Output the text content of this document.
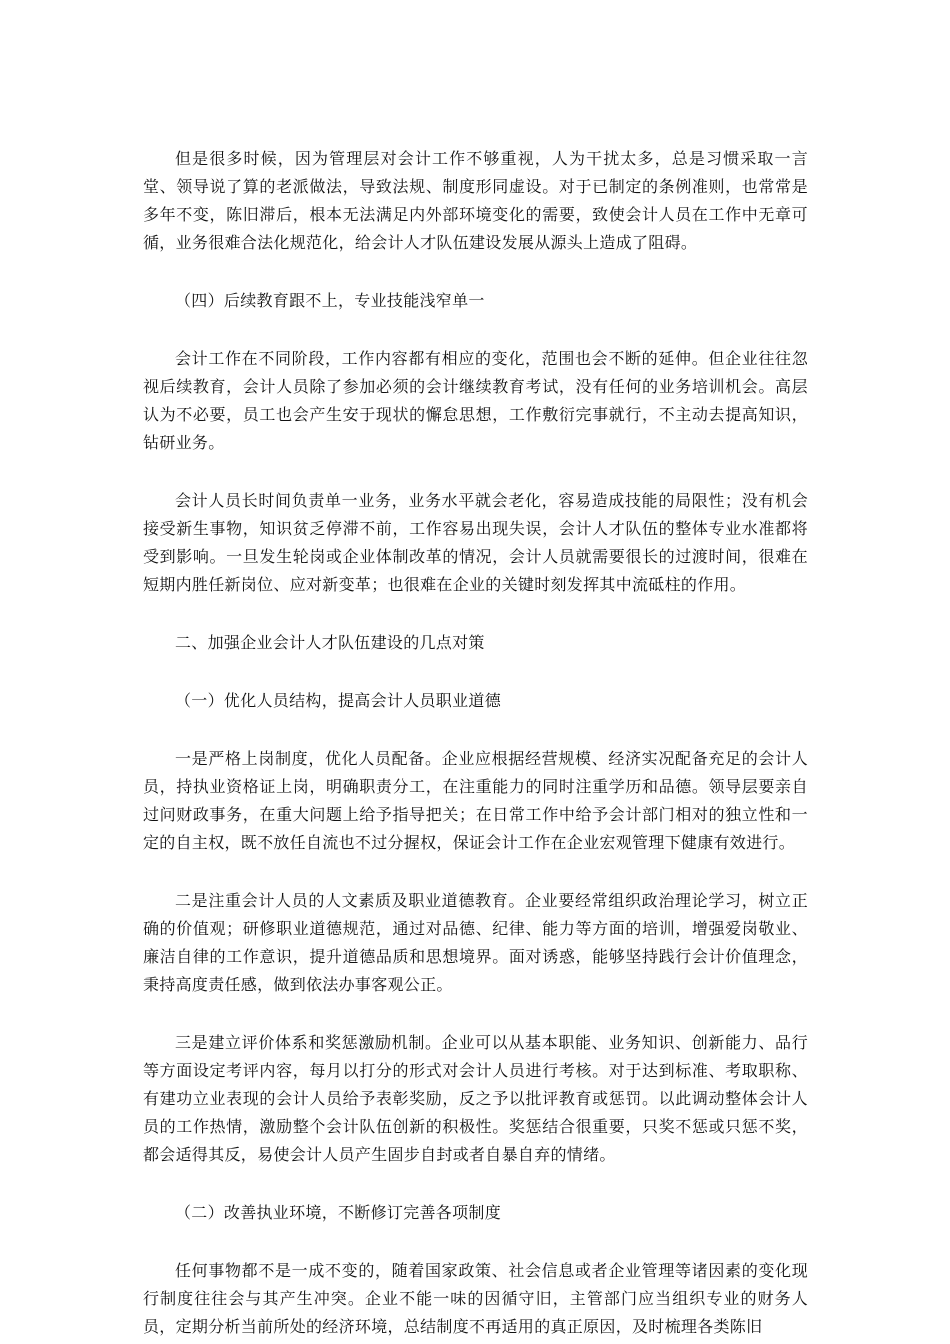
但是很多时候，因为管理层对会计工作不够重视，人为干扰太多，总是习惯采取一言堂、领导说了算的老派做法，导致法规、制度形同虚设。对于已制定的条例准则，也常常是多年不变，陈旧滞后，根本无法满足内外部环境变化的需要，致使会计人员在工作中无章可循，业务很难合法化规范化，给会计人才队伍建设发展从源头上造成了阻碍。

（四）后续教育跟不上，专业技能浅窄单一

会计工作在不同阶段，工作内容都有相应的变化，范围也会不断的延伸。但企业往往忽视后续教育，会计人员除了参加必须的会计继续教育考试，没有任何的业务培训机会。高层认为不必要，员工也会产生安于现状的懈怠思想，工作敷衍完事就行，不主动去提高知识，钻研业务。

会计人员长时间负责单一业务，业务水平就会老化，容易造成技能的局限性；没有机会接受新生事物，知识贫乏停滞不前，工作容易出现失误，会计人才队伍的整体专业水准都将受到影响。一旦发生轮岗或企业体制改革的情况，会计人员就需要很长的过渡时间，很难在短期内胜任新岗位、应对新变革；也很难在企业的关键时刻发挥其中流砥柱的作用。

二、加强企业会计人才队伍建设的几点对策

（一）优化人员结构，提高会计人员职业道德

一是严格上岗制度，优化人员配备。企业应根据经营规模、经济实况配备充足的会计人员，持执业资格证上岗，明确职责分工，在注重能力的同时注重学历和品德。领导层要亲自过问财政事务，在重大问题上给予指导把关；在日常工作中给予会计部门相对的独立性和一定的自主权，既不放任自流也不过分握权，保证会计工作在企业宏观管理下健康有效进行。

二是注重会计人员的人文素质及职业道德教育。企业要经常组织政治理论学习，树立正确的价值观；研修职业道德规范，通过对品德、纪律、能力等方面的培训，增强爱岗敬业、廉洁自律的工作意识，提升道德品质和思想境界。面对诱惑，能够坚持践行会计价值理念，秉持高度责任感，做到依法办事客观公正。

三是建立评价体系和奖惩激励机制。企业可以从基本职能、业务知识、创新能力、品行等方面设定考评内容，每月以打分的形式对会计人员进行考核。对于达到标准、考取职称、有建功立业表现的会计人员给予表彰奖励，反之予以批评教育或惩罚。以此调动整体会计人员的工作热情，激励整个会计队伍创新的积极性。奖惩结合很重要，只奖不惩或只惩不奖，都会适得其反，易使会计人员产生固步自封或者自暴自弃的情绪。

（二）改善执业环境，不断修订完善各项制度

任何事物都不是一成不变的，随着国家政策、社会信息或者企业管理等诸因素的变化现行制度往往会与其产生冲突。企业不能一味的因循守旧，主管部门应当组织专业的财务人员，定期分析当前所处的经济环境，总结制度不再适用的真正原因，及时梳理各类陈旧
